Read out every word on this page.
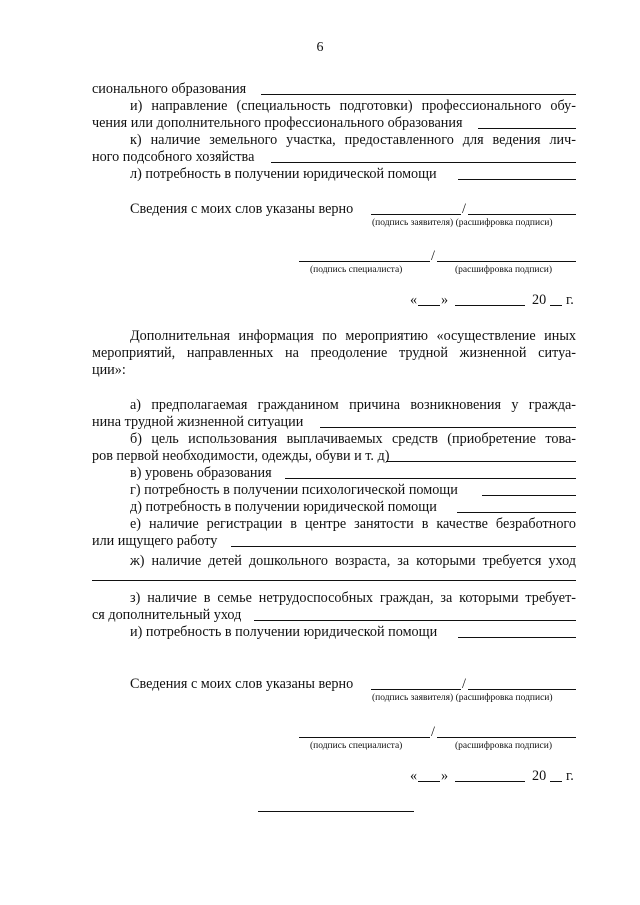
6
сионального образования
и) направление (специальность подготовки) профессионального обу-
чения или дополнительного профессионального образования
к) наличие земельного участка, предоставленного для ведения лич-
ного подсобного хозяйства
л) потребность в получении юридической помощи
Сведения с моих слов указаны верно	/
(подпись заявителя) (расшифровка подписи)
/
(подпись специалиста)	(расшифровка подписи)
« »	20 г.
Дополнительная информация по мероприятию «осуществление иных
мероприятий, направленных на преодоление трудной жизненной ситуа-
ции»:
а) предполагаемая гражданином причина возникновения у гражда-
нина трудной жизненной ситуации
б) цель использования выплачиваемых средств (приобретение това-
ров первой необходимости, одежды, обуви и т. д)
в) уровень образования
г) потребность в получении психологической помощи
д) потребность в получении юридической помощи
е) наличие регистрации в центре занятости в качестве безработного
или ищущего работу
ж) наличие детей дошкольного возраста, за которыми требуется уход
з) наличие в семье нетрудоспособных граждан, за которыми требует-
ся дополнительный уход
и) потребность в получении юридической помощи
Сведения с моих слов указаны верно	/
(подпись заявителя) (расшифровка подписи)
/
(подпись специалиста)	(расшифровка подписи)
« »	20 г.
